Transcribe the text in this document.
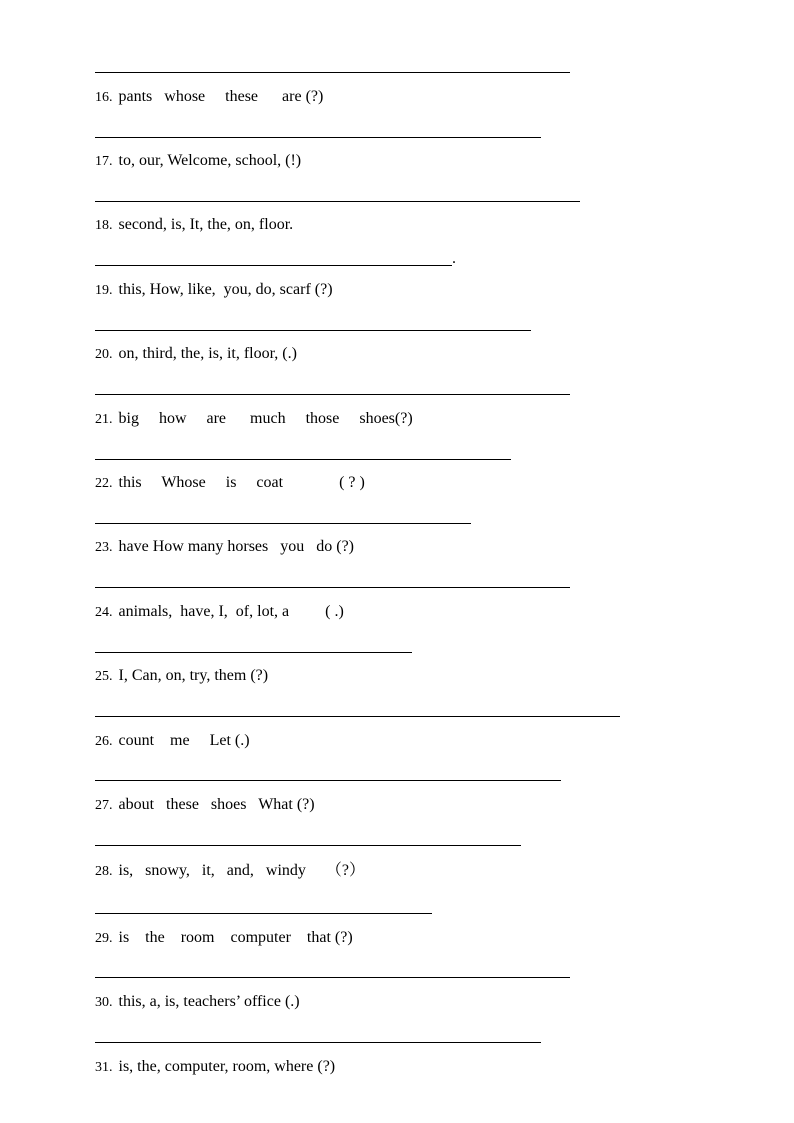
.
16. pants   whose     these      are (?)
17. to, our, Welcome, school, (!)
18. second, is, It, the, on, floor.
19. this, How, like,  you, do, scarf (?)
20. on, third, the, is, it, floor, (.)
21. big     how     are      much     those     shoes(?)
22. this     Whose     is     coat              ( ? )
23. have How many horses   you   do (?)
24. animals,  have, I,  of, lot, a         ( .)
25. I, Can, on, try, them (?)
26. count    me     Let (.)
27. about   these   shoes   What (?)
28. is,   snowy,   it,   and,   windy     （?）
29. is    the    room    computer    that (?)
30. this, a, is, teachers’ office (.)
31. is, the, computer, room, where (?)
